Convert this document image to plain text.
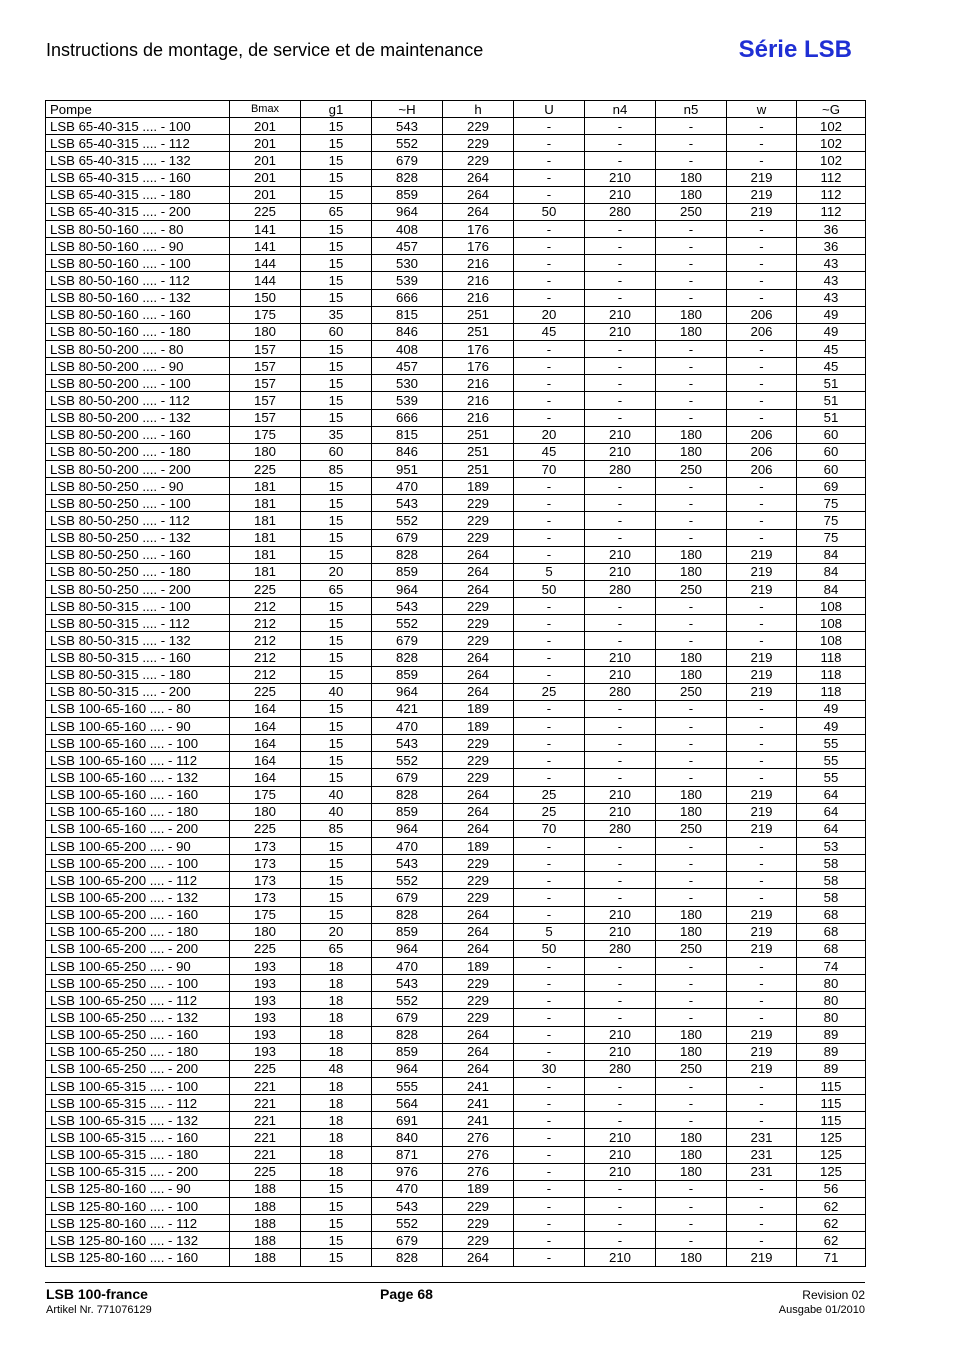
Instructions de montage, de service et de maintenance	Série LSB
Pompe	Bmax	g1	~H	h	U	n4	n5	w	~G
LSB 65-40-315 .... - 100	201	15	543	229	-	-	-	-	102
LSB 65-40-315 .... - 112	201	15	552	229	-	-	-	-	102
LSB 65-40-315 .... - 132	201	15	679	229	-	-	-	-	102
LSB 65-40-315 .... - 160	201	15	828	264	-	210	180	219	112
LSB 65-40-315 .... - 180	201	15	859	264	-	210	180	219	112
LSB 65-40-315 .... - 200	225	65	964	264	50	280	250	219	112
LSB 80-50-160 .... - 80	141	15	408	176	-	-	-	-	36
LSB 80-50-160 .... - 90	141	15	457	176	-	-	-	-	36
LSB 80-50-160 .... - 100	144	15	530	216	-	-	-	-	43
LSB 80-50-160 .... - 112	144	15	539	216	-	-	-	-	43
LSB 80-50-160 .... - 132	150	15	666	216	-	-	-	-	43
LSB 80-50-160 .... - 160	175	35	815	251	20	210	180	206	49
LSB 80-50-160 .... - 180	180	60	846	251	45	210	180	206	49
LSB 80-50-200 .... - 80	157	15	408	176	-	-	-	-	45
LSB 80-50-200 .... - 90	157	15	457	176	-	-	-	-	45
LSB 80-50-200 .... - 100	157	15	530	216	-	-	-	-	51
LSB 80-50-200 .... - 112	157	15	539	216	-	-	-	-	51
LSB 80-50-200 .... - 132	157	15	666	216	-	-	-	-	51
LSB 80-50-200 .... - 160	175	35	815	251	20	210	180	206	60
LSB 80-50-200 .... - 180	180	60	846	251	45	210	180	206	60
LSB 80-50-200 .... - 200	225	85	951	251	70	280	250	206	60
LSB 80-50-250 .... - 90	181	15	470	189	-	-	-	-	69
LSB 80-50-250 .... - 100	181	15	543	229	-	-	-	-	75
LSB 80-50-250 .... - 112	181	15	552	229	-	-	-	-	75
LSB 80-50-250 .... - 132	181	15	679	229	-	-	-	-	75
LSB 80-50-250 .... - 160	181	15	828	264	-	210	180	219	84
LSB 80-50-250 .... - 180	181	20	859	264	5	210	180	219	84
LSB 80-50-250 .... - 200	225	65	964	264	50	280	250	219	84
LSB 80-50-315 .... - 100	212	15	543	229	-	-	-	-	108
LSB 80-50-315 .... - 112	212	15	552	229	-	-	-	-	108
LSB 80-50-315 .... - 132	212	15	679	229	-	-	-	-	108
LSB 80-50-315 .... - 160	212	15	828	264	-	210	180	219	118
LSB 80-50-315 .... - 180	212	15	859	264	-	210	180	219	118
LSB 80-50-315 .... - 200	225	40	964	264	25	280	250	219	118
LSB 100-65-160 .... - 80	164	15	421	189	-	-	-	-	49
LSB 100-65-160 .... - 90	164	15	470	189	-	-	-	-	49
LSB 100-65-160 .... - 100	164	15	543	229	-	-	-	-	55
LSB 100-65-160 .... - 112	164	15	552	229	-	-	-	-	55
LSB 100-65-160 .... - 132	164	15	679	229	-	-	-	-	55
LSB 100-65-160 .... - 160	175	40	828	264	25	210	180	219	64
LSB 100-65-160 .... - 180	180	40	859	264	25	210	180	219	64
LSB 100-65-160 .... - 200	225	85	964	264	70	280	250	219	64
LSB 100-65-200 .... - 90	173	15	470	189	-	-	-	-	53
LSB 100-65-200 .... - 100	173	15	543	229	-	-	-	-	58
LSB 100-65-200 .... - 112	173	15	552	229	-	-	-	-	58
LSB 100-65-200 .... - 132	173	15	679	229	-	-	-	-	58
LSB 100-65-200 .... - 160	175	15	828	264	-	210	180	219	68
LSB 100-65-200 .... - 180	180	20	859	264	5	210	180	219	68
LSB 100-65-200 .... - 200	225	65	964	264	50	280	250	219	68
LSB 100-65-250 .... - 90	193	18	470	189	-	-	-	-	74
LSB 100-65-250 .... - 100	193	18	543	229	-	-	-	-	80
LSB 100-65-250 .... - 112	193	18	552	229	-	-	-	-	80
LSB 100-65-250 .... - 132	193	18	679	229	-	-	-	-	80
LSB 100-65-250 .... - 160	193	18	828	264	-	210	180	219	89
LSB 100-65-250 .... - 180	193	18	859	264	-	210	180	219	89
LSB 100-65-250 .... - 200	225	48	964	264	30	280	250	219	89
LSB 100-65-315 .... - 100	221	18	555	241	-	-	-	-	115
LSB 100-65-315 .... - 112	221	18	564	241	-	-	-	-	115
LSB 100-65-315 .... - 132	221	18	691	241	-	-	-	-	115
LSB 100-65-315 .... - 160	221	18	840	276	-	210	180	231	125
LSB 100-65-315 .... - 180	221	18	871	276	-	210	180	231	125
LSB 100-65-315 .... - 200	225	18	976	276	-	210	180	231	125
LSB 125-80-160 .... - 90	188	15	470	189	-	-	-	-	56
LSB 125-80-160 .... - 100	188	15	543	229	-	-	-	-	62
LSB 125-80-160 .... - 112	188	15	552	229	-	-	-	-	62
LSB 125-80-160 .... - 132	188	15	679	229	-	-	-	-	62
LSB 125-80-160 .... - 160	188	15	828	264	-	210	180	219	71
LSB 100-france
Artikel Nr. 771076129
Page 68	Revision 02
Ausgabe 01/2010
